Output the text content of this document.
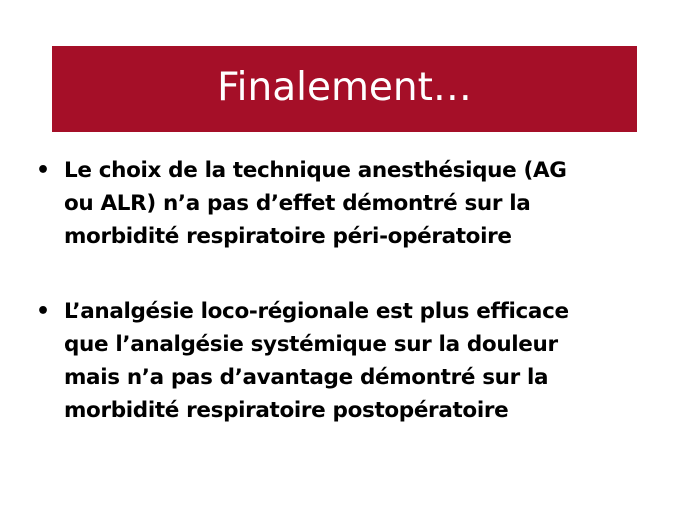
Finalement…
• Le choix de la technique anesthésique (AG
ou ALR) n’a pas d’effet démontré sur la
morbidité respiratoire péri-opératoire
• L’analgésie loco-régionale est plus efficace
que l’analgésie systémique sur la douleur
mais n’a pas d’avantage démontré sur la
morbidité respiratoire postopératoire
